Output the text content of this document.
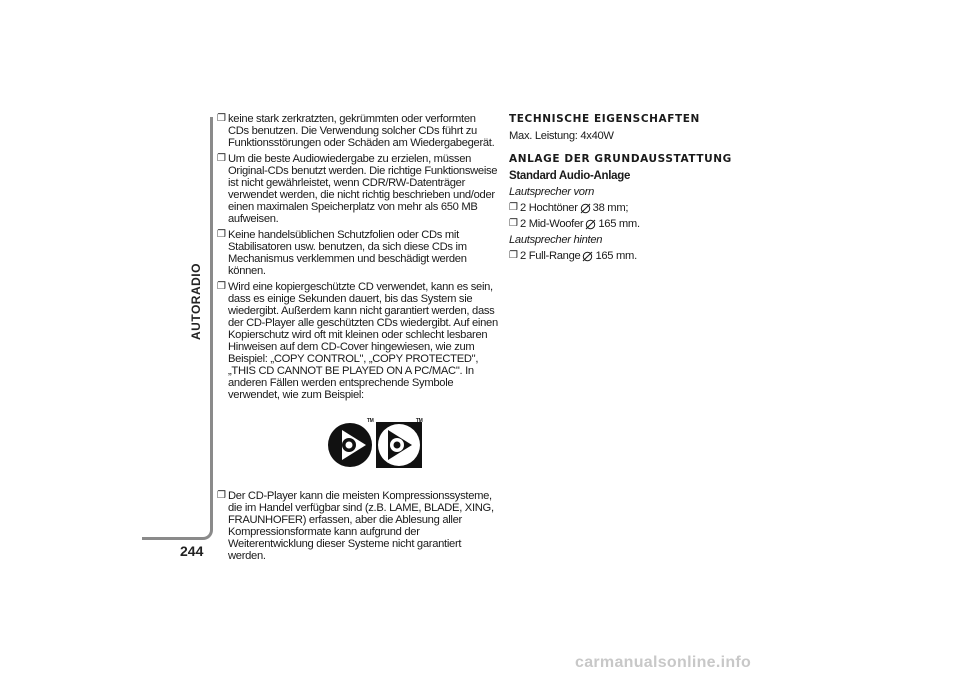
AUTORADIO
244
❐ keine stark zerkratzten, gekrümmten oder verformten CDs benutzen. Die Verwendung solcher CDs führt zu Funktionsstörungen oder Schäden am Wiedergabegerät.
❐ Um die beste Audiowiedergabe zu erzielen, müssen Original-CDs benutzt werden. Die richtige Funktionsweise ist nicht gewährleistet, wenn CDR/RW-Datenträger verwendet werden, die nicht richtig beschrieben und/oder einen maximalen Speicherplatz von mehr als 650 MB aufweisen.
❐ Keine handelsüblichen Schutzfolien oder CDs mit Stabilisatoren usw. benutzen, da sich diese CDs im Mechanismus verklemmen und beschädigt werden können.
❐ Wird eine kopiergeschützte CD verwendet, kann es sein, dass es einige Sekunden dauert, bis das System sie wiedergibt. Außerdem kann nicht garantiert werden, dass der CD-Player alle geschützten CDs wiedergibt. Auf einen Kopierschutz wird oft mit kleinen oder schlecht lesbaren Hinweisen auf dem CD-Cover hingewiesen, wie zum Beispiel: „COPY CONTROL", „COPY PROTECTED", „THIS CD CANNOT BE PLAYED ON A PC/MAC". In anderen Fällen werden entsprechende Symbole verwendet, wie zum Beispiel:
TM	TM
❐ Der CD-Player kann die meisten Kompressionssysteme, die im Handel verfügbar sind (z.B. LAME, BLADE, XING, FRAUNHOFER) erfassen, aber die Ablesung aller Kompressionsformate kann aufgrund der Weiterentwicklung dieser Systeme nicht garantiert werden.
TECHNISCHE EIGENSCHAFTEN
Max. Leistung: 4x40W
ANLAGE DER GRUNDAUSSTATTUNG
Standard Audio-Anlage
Lautsprecher vorn
❐ 2 Hochtöner 38 mm;
❐ 2 Mid-Woofer 165 mm.
Lautsprecher hinten
❐ 2 Full-Range 165 mm.
carmanualsonline.info
